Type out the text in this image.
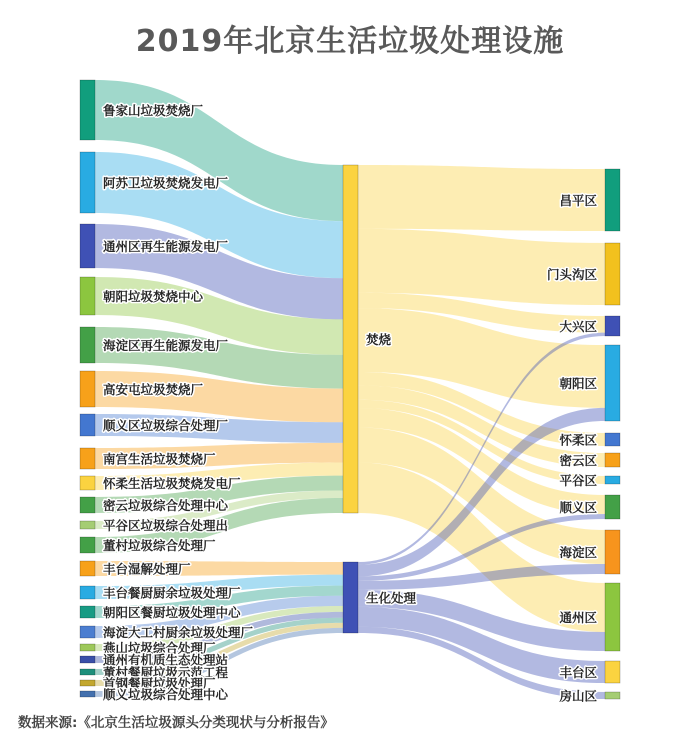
鲁家山垃圾焚烧厂
阿苏卫垃圾焚烧发电厂
通州区再生能源发电厂
朝阳垃圾焚烧中心
海淀区再生能源发电厂
高安屯垃圾焚烧厂
顺义区垃圾综合处理厂
南宫生活垃圾焚烧厂
怀柔生活垃圾焚烧发电厂
密云垃圾综合处理中心
平谷区垃圾综合处理出
董村垃圾综合处理厂
丰台湿解处理厂
丰台餐厨厨余垃圾处理厂
朝阳区餐厨垃圾处理中心
海淀大工村厨余垃圾处理厂
燕山垃圾综合处理厂
通州有机质生态处理站
董村餐厨垃圾示范工程
首钢餐厨垃圾处理厂
顺义垃圾综合处理中心
焚烧
生化处理
昌平区
门头沟区
大兴区
朝阳区
怀柔区
密云区
平谷区
顺义区
海淀区
通州区
丰台区
房山区
2019年北京生活垃圾处理设施
数据来源:《北京生活垃圾源头分类现状与分析报告》
